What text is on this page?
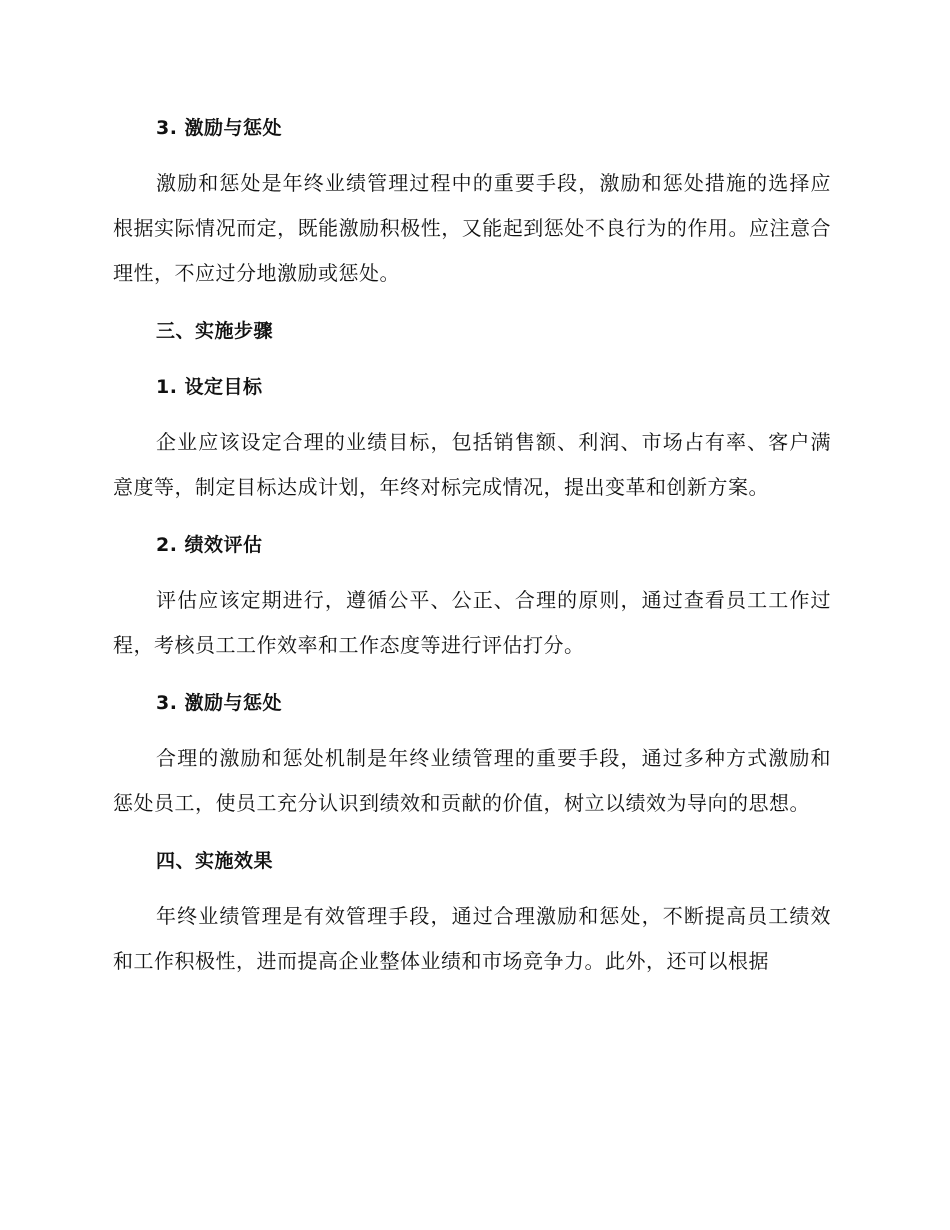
3. 激励与惩处

激励和惩处是年终业绩管理过程中的重要手段，激励和惩处措施的选择应根据实际情况而定，既能激励积极性，又能起到惩处不良行为的作用。应注意合理性，不应过分地激励或惩处。

三、实施步骤
1. 设定目标

企业应该设定合理的业绩目标，包括销售额、利润、市场占有率、客户满意度等，制定目标达成计划，年终对标完成情况，提出变革和创新方案。

2. 绩效评估

评估应该定期进行，遵循公平、公正、合理的原则，通过查看员工工作过程，考核员工工作效率和工作态度等进行评估打分。

3. 激励与惩处

合理的激励和惩处机制是年终业绩管理的重要手段，通过多种方式激励和惩处员工，使员工充分认识到绩效和贡献的价值，树立以绩效为导向的思想。

四、实施效果

年终业绩管理是有效管理手段，通过合理激励和惩处，不断提高员工绩效和工作积极性，进而提高企业整体业绩和市场竞争力。此外，还可以根据
